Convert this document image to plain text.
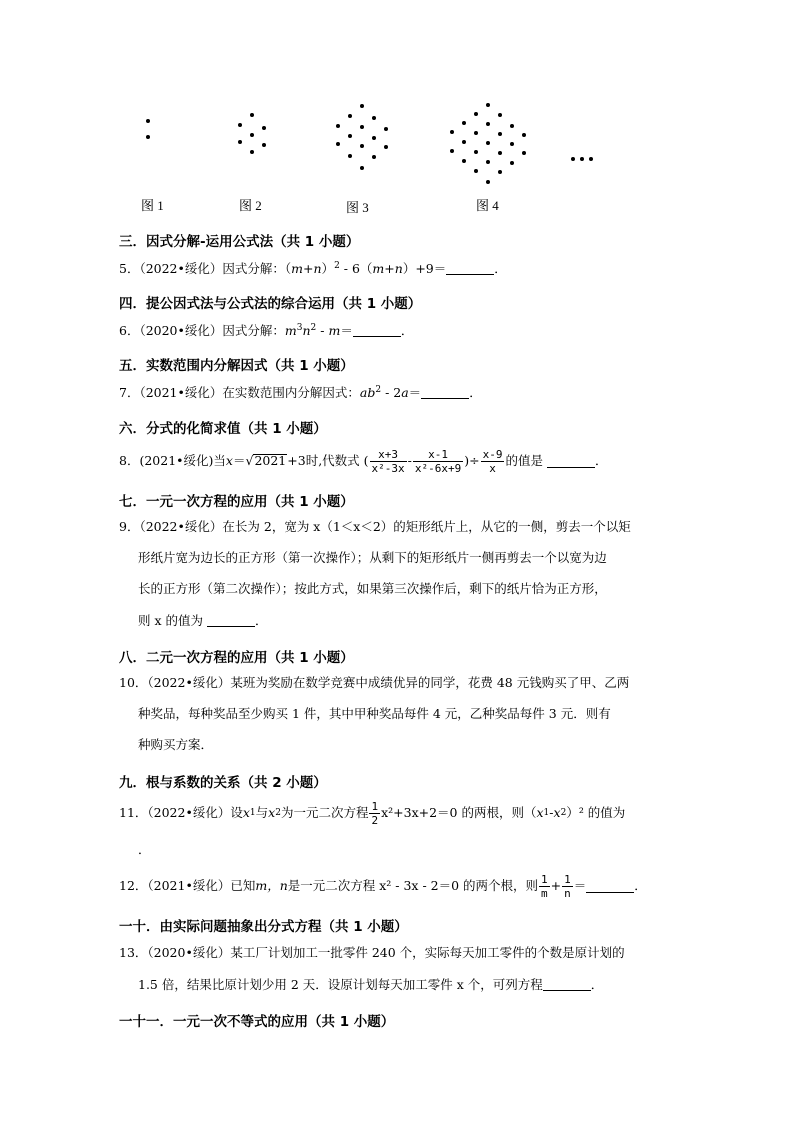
图 1	图 2	图 3	图 4
三．因式分解-运用公式法（共 1 小题）
5．（2022•绥化）因式分解：$(m+n)^2 - 6(m+n)+9=$	．
四．提公因式法与公式法的综合运用（共 1 小题）
6．（2020•绥化）因式分解：$m^3n^2 - m=$	．
五．实数范围内分解因式（共 1 小题）
7．（2021•绥化）在实数范围内分解因式：$ab^2 - 2a=$	．
六．分式的化简求值（共 1 小题）
8．(2021•绥化)当 x ＝ √ 2021 +3时,代数式 ( $\frac{x+3}{\text{x²-3x}} - \frac{x-1}{\text{x²-6x+9}}$ )÷ $\frac{x-9}{x}$ 的值是
	．
七．一元一次方程的应用（共 1 小题）
9．（2022•绥化）在长为 2，宽为 x（1＜x＜2）的矩形纸片上，从它的一侧，剪去一个以矩
形纸片宽为边长的正方形（第一次操作）；从剩下的矩形纸片一侧再剪去一个以宽为边
长的正方形（第二次操作）；按此方式，如果第三次操作后，剩下的纸片恰为正方形，
则 x 的值为	．
八．二元一次方程的应用（共 1 小题）
10．（2022•绥化）某班为奖励在数学竞赛中成绩优异的同学，花费 48 元钱购买了甲、乙两
种奖品，每种奖品至少购买 1 件，其中甲种奖品每件 4 元，乙种奖品每件 3 元．则有
种购买方案．
九．根与系数的关系（共 2 小题）
11．（2022•绥化）设 x 1 与 x 2 为一元二次方程 $\frac{1}{2} x^2+3x+2=0$ 的两根，则（ x 1 - x 2 ）² 的值为
．
12．（2021•绥化）已知 m，n 是一元二次方程
x² - 3x - 2＝0 的两个根，则 $\frac{1}{m} + \frac{1}{n}$ ＝	．
一十．由实际问题抽象出分式方程（共 1 小题）
13．（2020•绥化）某工厂计划加工一批零件 240 个，实际每天加工零件的个数是原计划的
1.5 倍，结果比原计划少用 2 天．设原计划每天加工零件 x 个，可列方程	．
一十一．一元一次不等式的应用（共 1 小题）
